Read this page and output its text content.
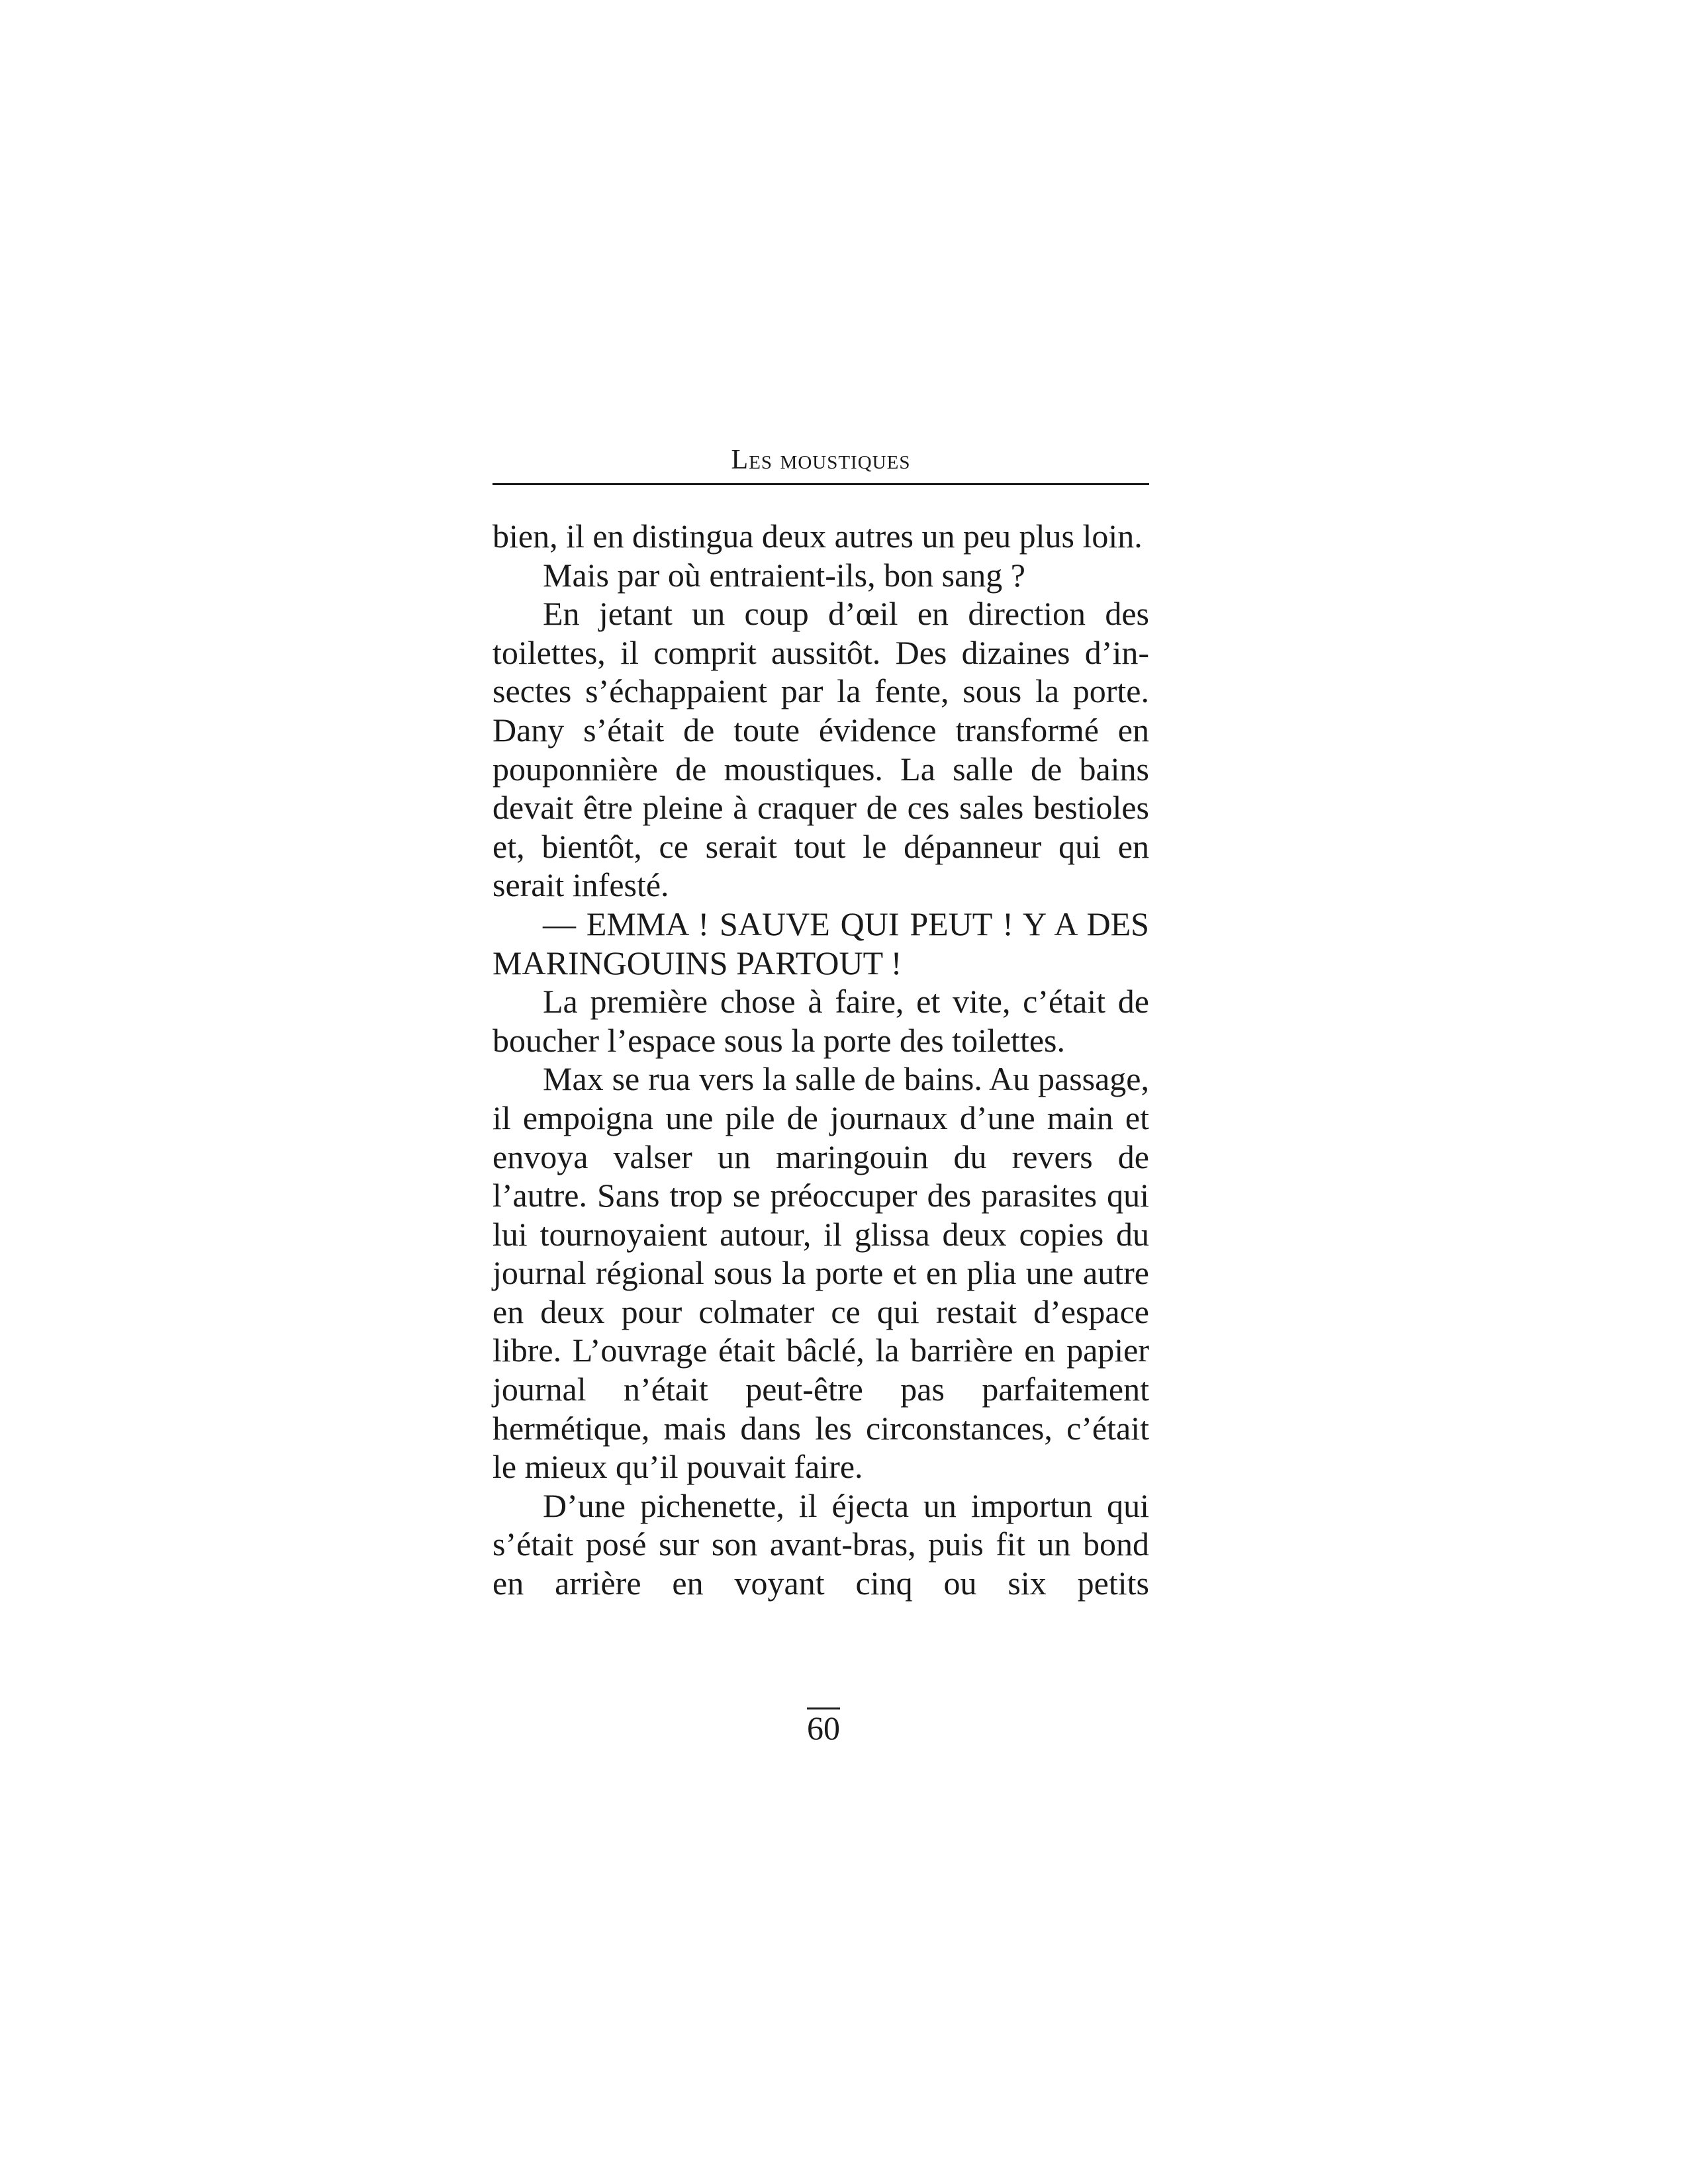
Les moustiques

bien, il en distingua deux autres un peu plus loin.

Mais par où entraient-ils, bon sang ?

En jetant un coup d’œil en direction des toilettes, il comprit aussitôt. Des dizaines d’insectes s’échappaient par la fente, sous la porte. Dany s’était de toute évidence transformé en pouponnière de moustiques. La salle de bains devait être pleine à craquer de ces sales bestioles et, bientôt, ce serait tout le dépanneur qui en serait infesté.

— EMMA ! SAUVE QUI PEUT ! Y A DES MARINGOUINS PARTOUT !

La première chose à faire, et vite, c’était de boucher l’espace sous la porte des toilettes.

Max se rua vers la salle de bains. Au passage, il empoigna une pile de journaux d’une main et envoya valser un maringouin du revers de l’autre. Sans trop se préoccuper des parasites qui lui tournoyaient autour, il glissa deux copies du journal régional sous la porte et en plia une autre en deux pour colmater ce qui restait d’espace libre. L’ouvrage était bâclé, la barrière en papier journal n’était peut-être pas parfaitement hermétique, mais dans les circonstances, c’était le mieux qu’il pouvait faire.

D’une pichenette, il éjecta un importun qui s’était posé sur son avant-bras, puis fit un bond en arrière en voyant cinq ou six petits

60
